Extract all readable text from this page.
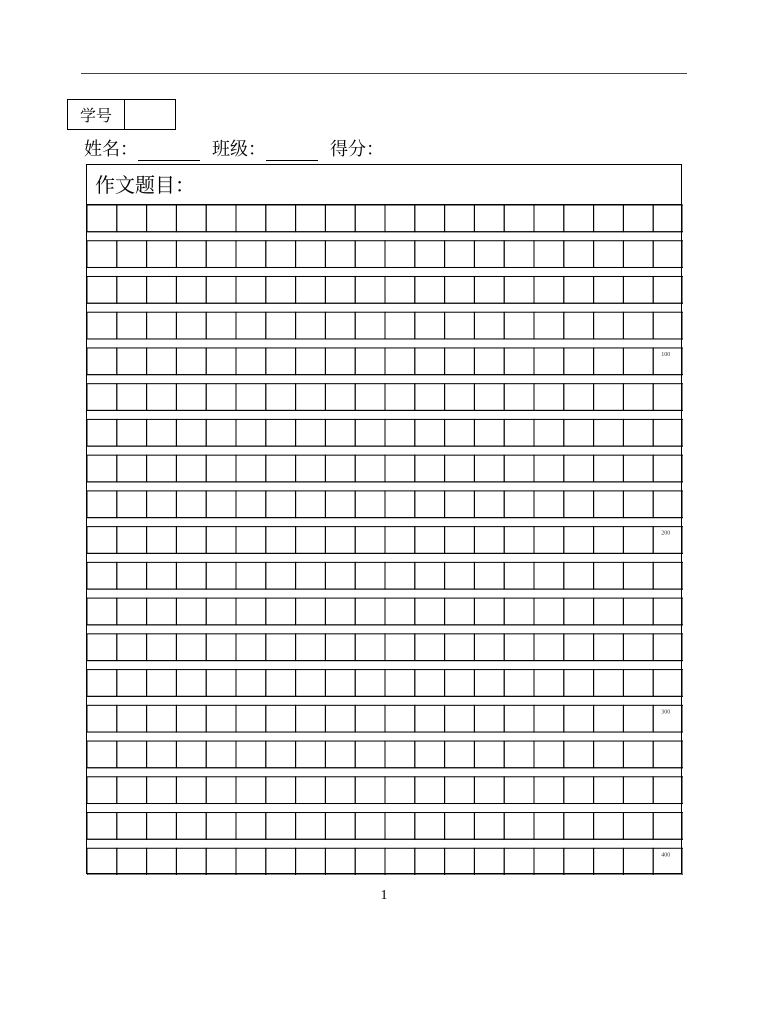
学号
姓名：	班级：	得分：
作文题目：
100
200
300
400
1
